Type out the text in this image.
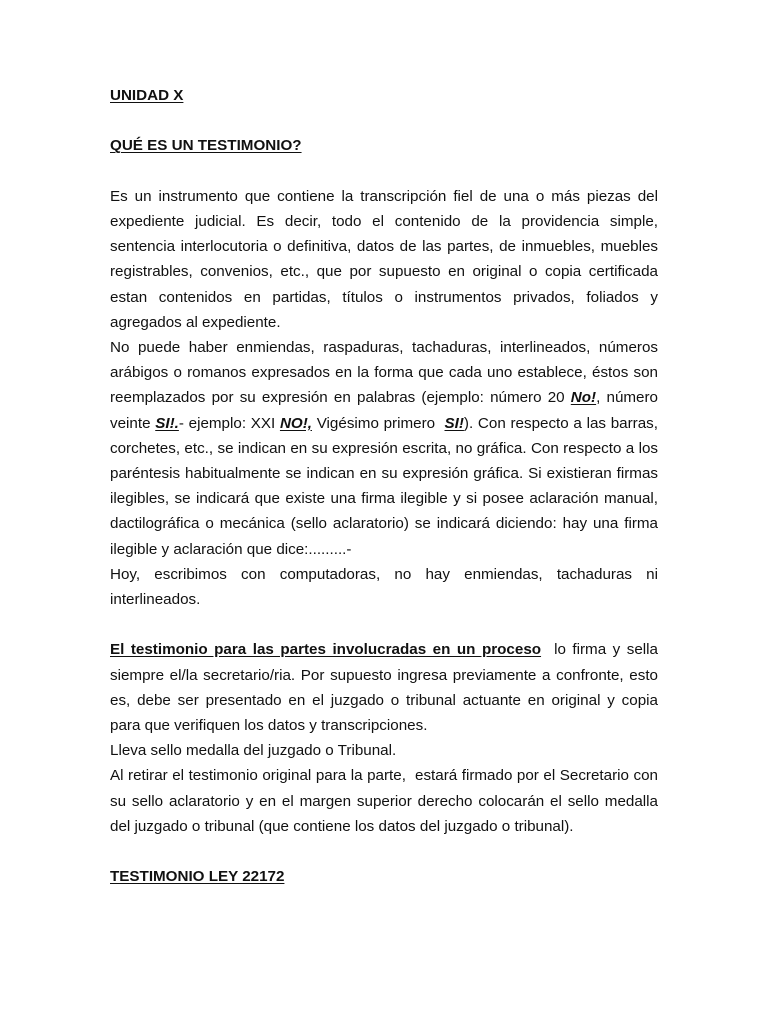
UNIDAD X
QUÉ ES UN TESTIMONIO?

Es un instrumento que contiene la transcripción fiel de una o más piezas del expediente judicial. Es decir, todo el contenido de la providencia simple, sentencia interlocutoria o definitiva, datos de las partes, de inmuebles, muebles registrables, convenios, etc., que por supuesto en original o copia certificada estan contenidos en partidas, títulos o instrumentos privados, foliados y agregados al expediente.

No puede haber enmiendas, raspaduras, tachaduras, interlineados, números arábigos o romanos expresados en la forma que cada uno establece, éstos son reemplazados por su expresión en palabras (ejemplo: número 20 No!, número veinte SI!.- ejemplo: XXI NO!, Vigésimo primero  SI!). Con respecto a las barras, corchetes, etc., se indican en su expresión escrita, no gráfica. Con respecto a los paréntesis habitualmente se indican en su expresión gráfica. Si existieran firmas ilegibles, se indicará que existe una firma ilegible y si posee aclaración manual, dactilográfica o mecánica (sello aclaratorio) se indicará diciendo: hay una firma ilegible y aclaración que dice:.........-

Hoy, escribimos con computadoras, no hay enmiendas, tachaduras ni interlineados.

El testimonio para las partes involucradas en un proceso  lo firma y sella siempre el/la secretario/ria. Por supuesto ingresa previamente a confronte, esto es, debe ser presentado en el juzgado o tribunal actuante en original y copia para que verifiquen los datos y transcripciones.

Lleva sello medalla del juzgado o Tribunal.

Al retirar el testimonio original para la parte,  estará firmado por el Secretario con su sello aclaratorio y en el margen superior derecho colocarán el sello medalla del juzgado o tribunal (que contiene los datos del juzgado o tribunal).

TESTIMONIO LEY 22172
